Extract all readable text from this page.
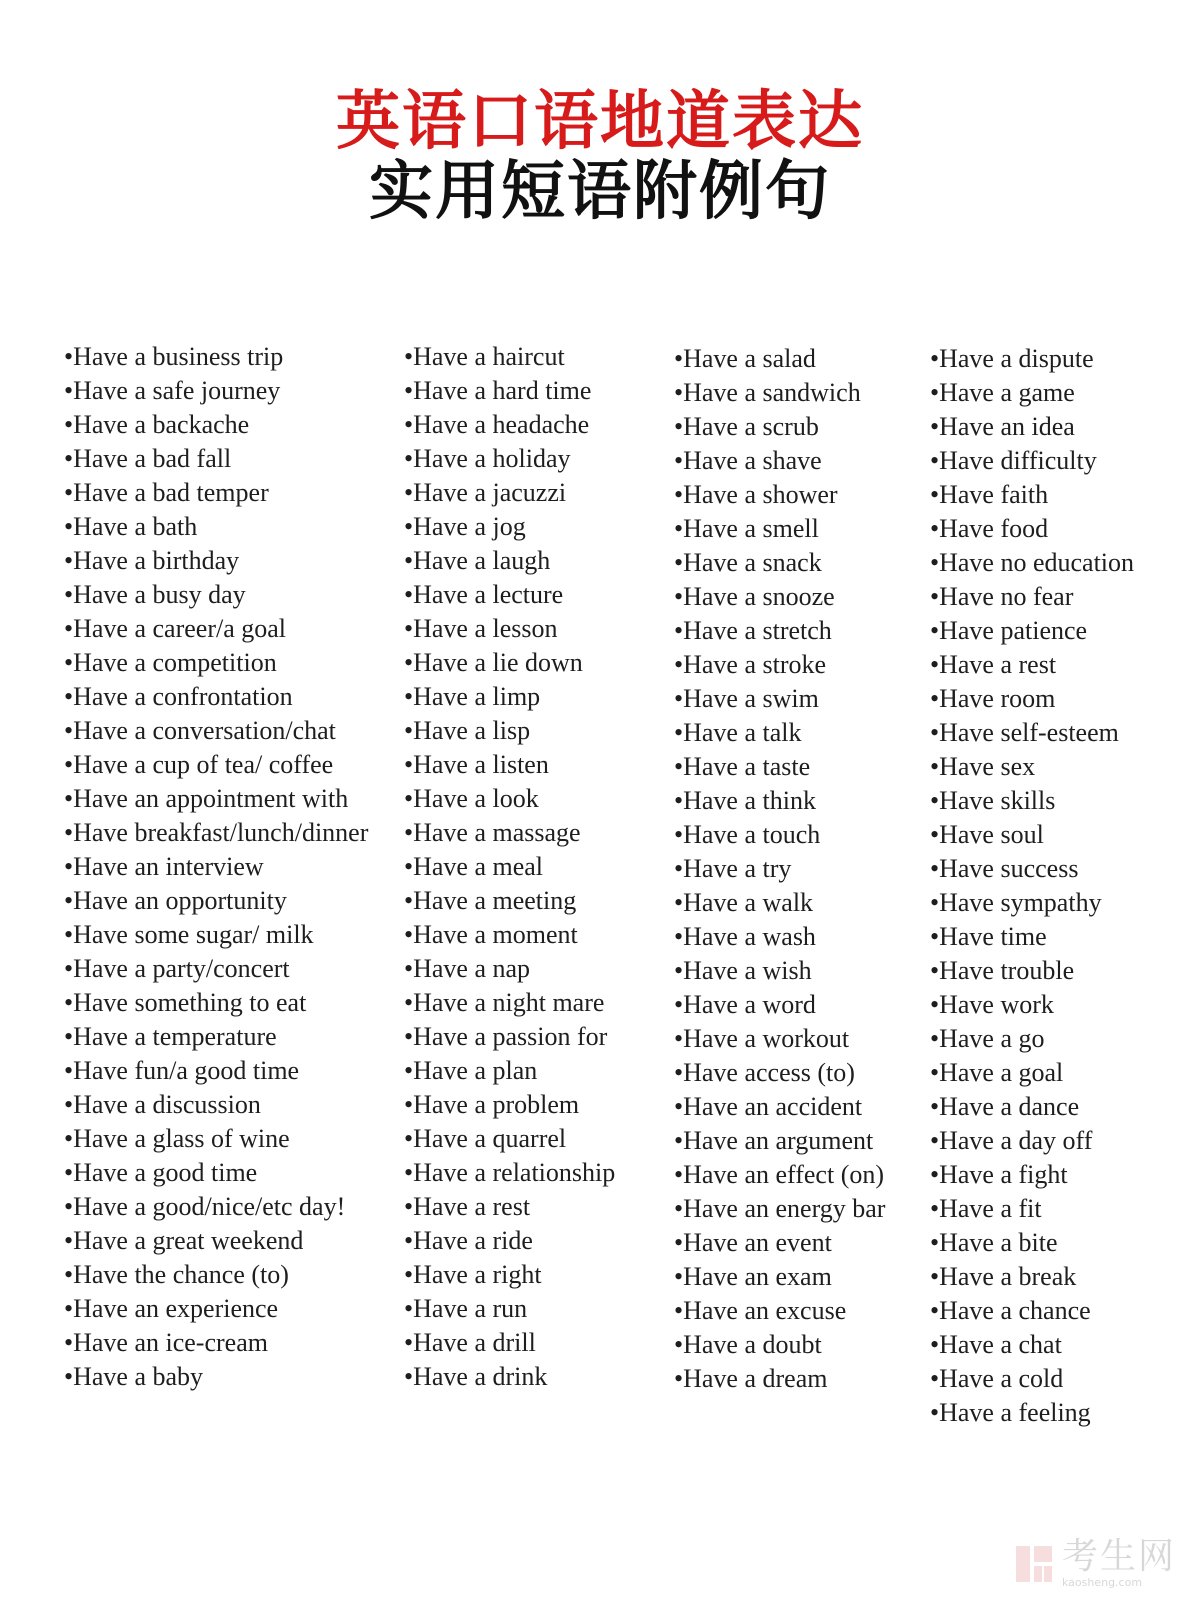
英语口语地道表达
实用短语附例句
•Have a business trip
•Have a safe journey
•Have a backache
•Have a bad fall
•Have a bad temper
•Have a bath
•Have a birthday
•Have a busy day
•Have a career/a goal
•Have a competition
•Have a confrontation
•Have a conversation/chat
•Have a cup of tea/ coffee
•Have an appointment with
•Have breakfast/lunch/dinner
•Have an interview
•Have an opportunity
•Have some sugar/ milk
•Have a party/concert
•Have something to eat
•Have a temperature
•Have fun/a good time
•Have a discussion
•Have a glass of wine
•Have a good time
•Have a good/nice/etc day!
•Have a great weekend
•Have the chance (to)
•Have an experience
•Have an ice-cream
•Have a baby
•Have a haircut
•Have a hard time
•Have a headache
•Have a holiday
•Have a jacuzzi
•Have a jog
•Have a laugh
•Have a lecture
•Have a lesson
•Have a lie down
•Have a limp
•Have a lisp
•Have a listen
•Have a look
•Have a massage
•Have a meal
•Have a meeting
•Have a moment
•Have a nap
•Have a night mare
•Have a passion for
•Have a plan
•Have a problem
•Have a quarrel
•Have a relationship
•Have a rest
•Have a ride
•Have a right
•Have a run
•Have a drill
•Have a drink
•Have a salad
•Have a sandwich
•Have a scrub
•Have a shave
•Have a shower
•Have a smell
•Have a snack
•Have a snooze
•Have a stretch
•Have a stroke
•Have a swim
•Have a talk
•Have a taste
•Have a think
•Have a touch
•Have a try
•Have a walk
•Have a wash
•Have a wish
•Have a word
•Have a workout
•Have access (to)
•Have an accident
•Have an argument
•Have an effect (on)
•Have an energy bar
•Have an event
•Have an exam
•Have an excuse
•Have a doubt
•Have a dream
•Have a dispute
•Have a game
•Have an idea
•Have difficulty
•Have faith
•Have food
•Have no education
•Have no fear
•Have patience
•Have a rest
•Have room
•Have self-esteem
•Have sex
•Have skills
•Have soul
•Have success
•Have sympathy
•Have time
•Have trouble
•Have work
•Have a go
•Have a goal
•Have a dance
•Have a day off
•Have a fight
•Have a fit
•Have a bite
•Have a break
•Have a chance
•Have a chat
•Have a cold
•Have a feeling
考生网
kaosheng.com
